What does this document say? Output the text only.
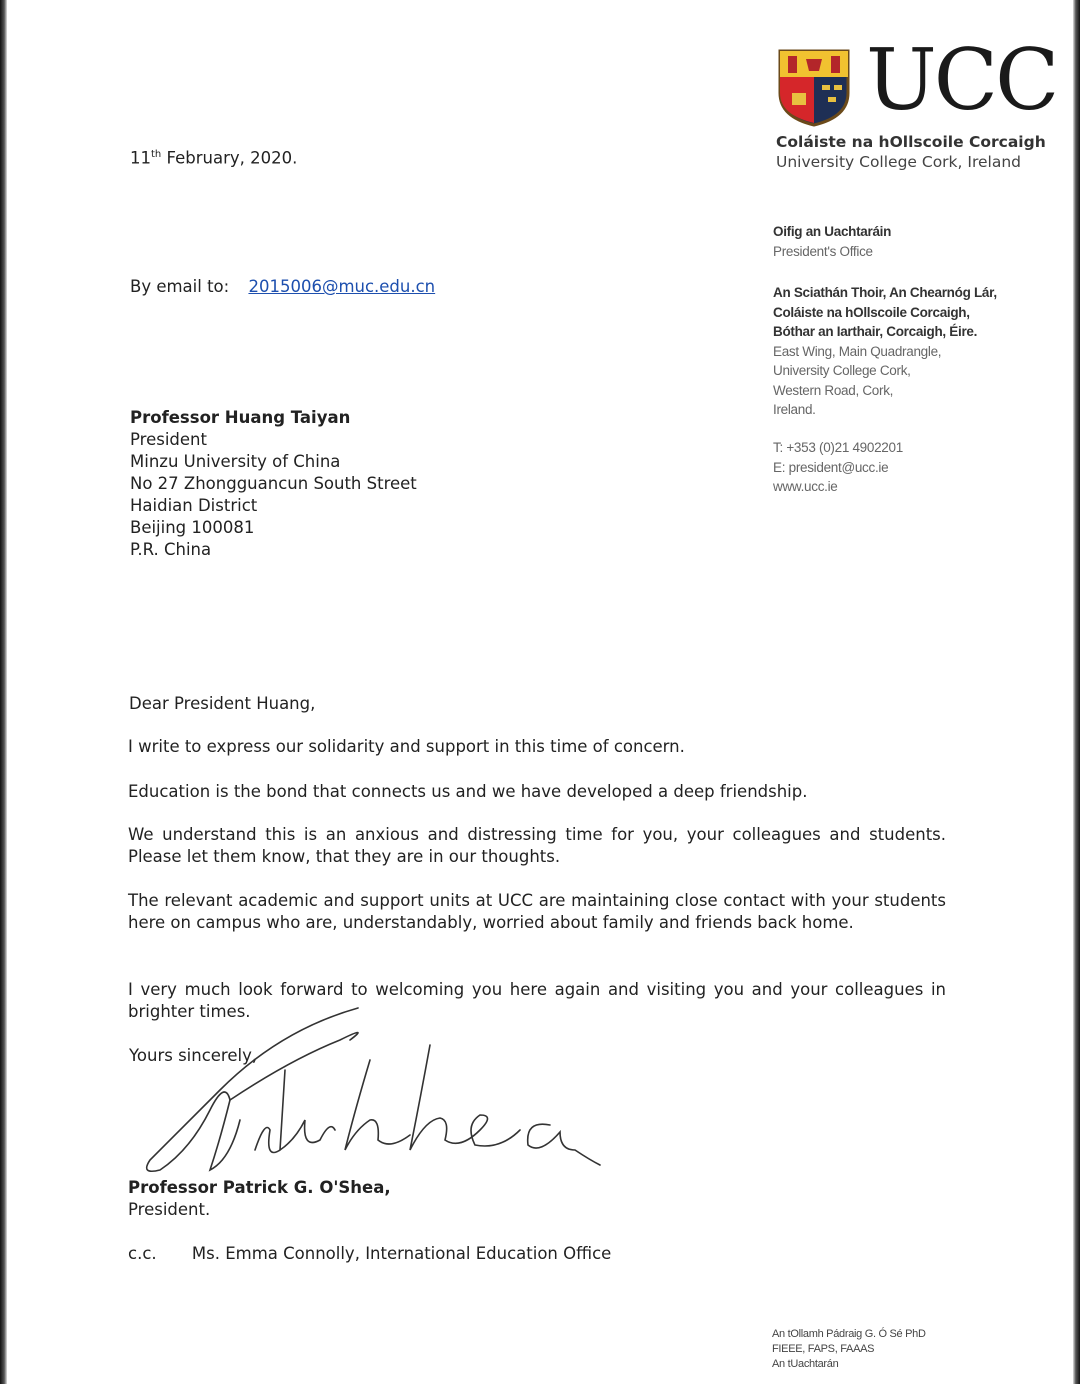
UCC
Coláiste na hOllscoile Corcaigh
University College Cork, Ireland
Oifig an Uachtaráin
President's Office
An Sciathán Thoir, An Chearnóg Lár,
Coláiste na hOllscoile Corcaigh,
Bóthar an Iarthair, Corcaigh, Éire.
East Wing, Main Quadrangle,
University College Cork,
Western Road, Cork,
Ireland.
T: +353 (0)21 4902201
E: president@ucc.ie
www.ucc.ie
11th February, 2020.
By email to: 2015006@muc.edu.cn
Professor Huang Taiyan
President
Minzu University of China
No 27 Zhongguancun South Street
Haidian District
Beijing 100081
P.R. China
Dear President Huang,
I write to express our solidarity and support in this time of concern.
Education is the bond that connects us and we have developed a deep friendship.
We understand this is an anxious and distressing time for you, your colleagues and students. Please let them know, that they are in our thoughts.
The relevant academic and support units at UCC are maintaining close contact with your students here on campus who are, understandably, worried about family and friends back home.
I very much look forward to welcoming you here again and visiting you and your colleagues in brighter times.
Yours sincerely,
Professor Patrick G. O'Shea,
President.
c.c. Ms. Emma Connolly, International Education Office
An tOllamh Pádraig G. Ó Sé PhD
FIEEE, FAPS, FAAAS
An tUachtarán
